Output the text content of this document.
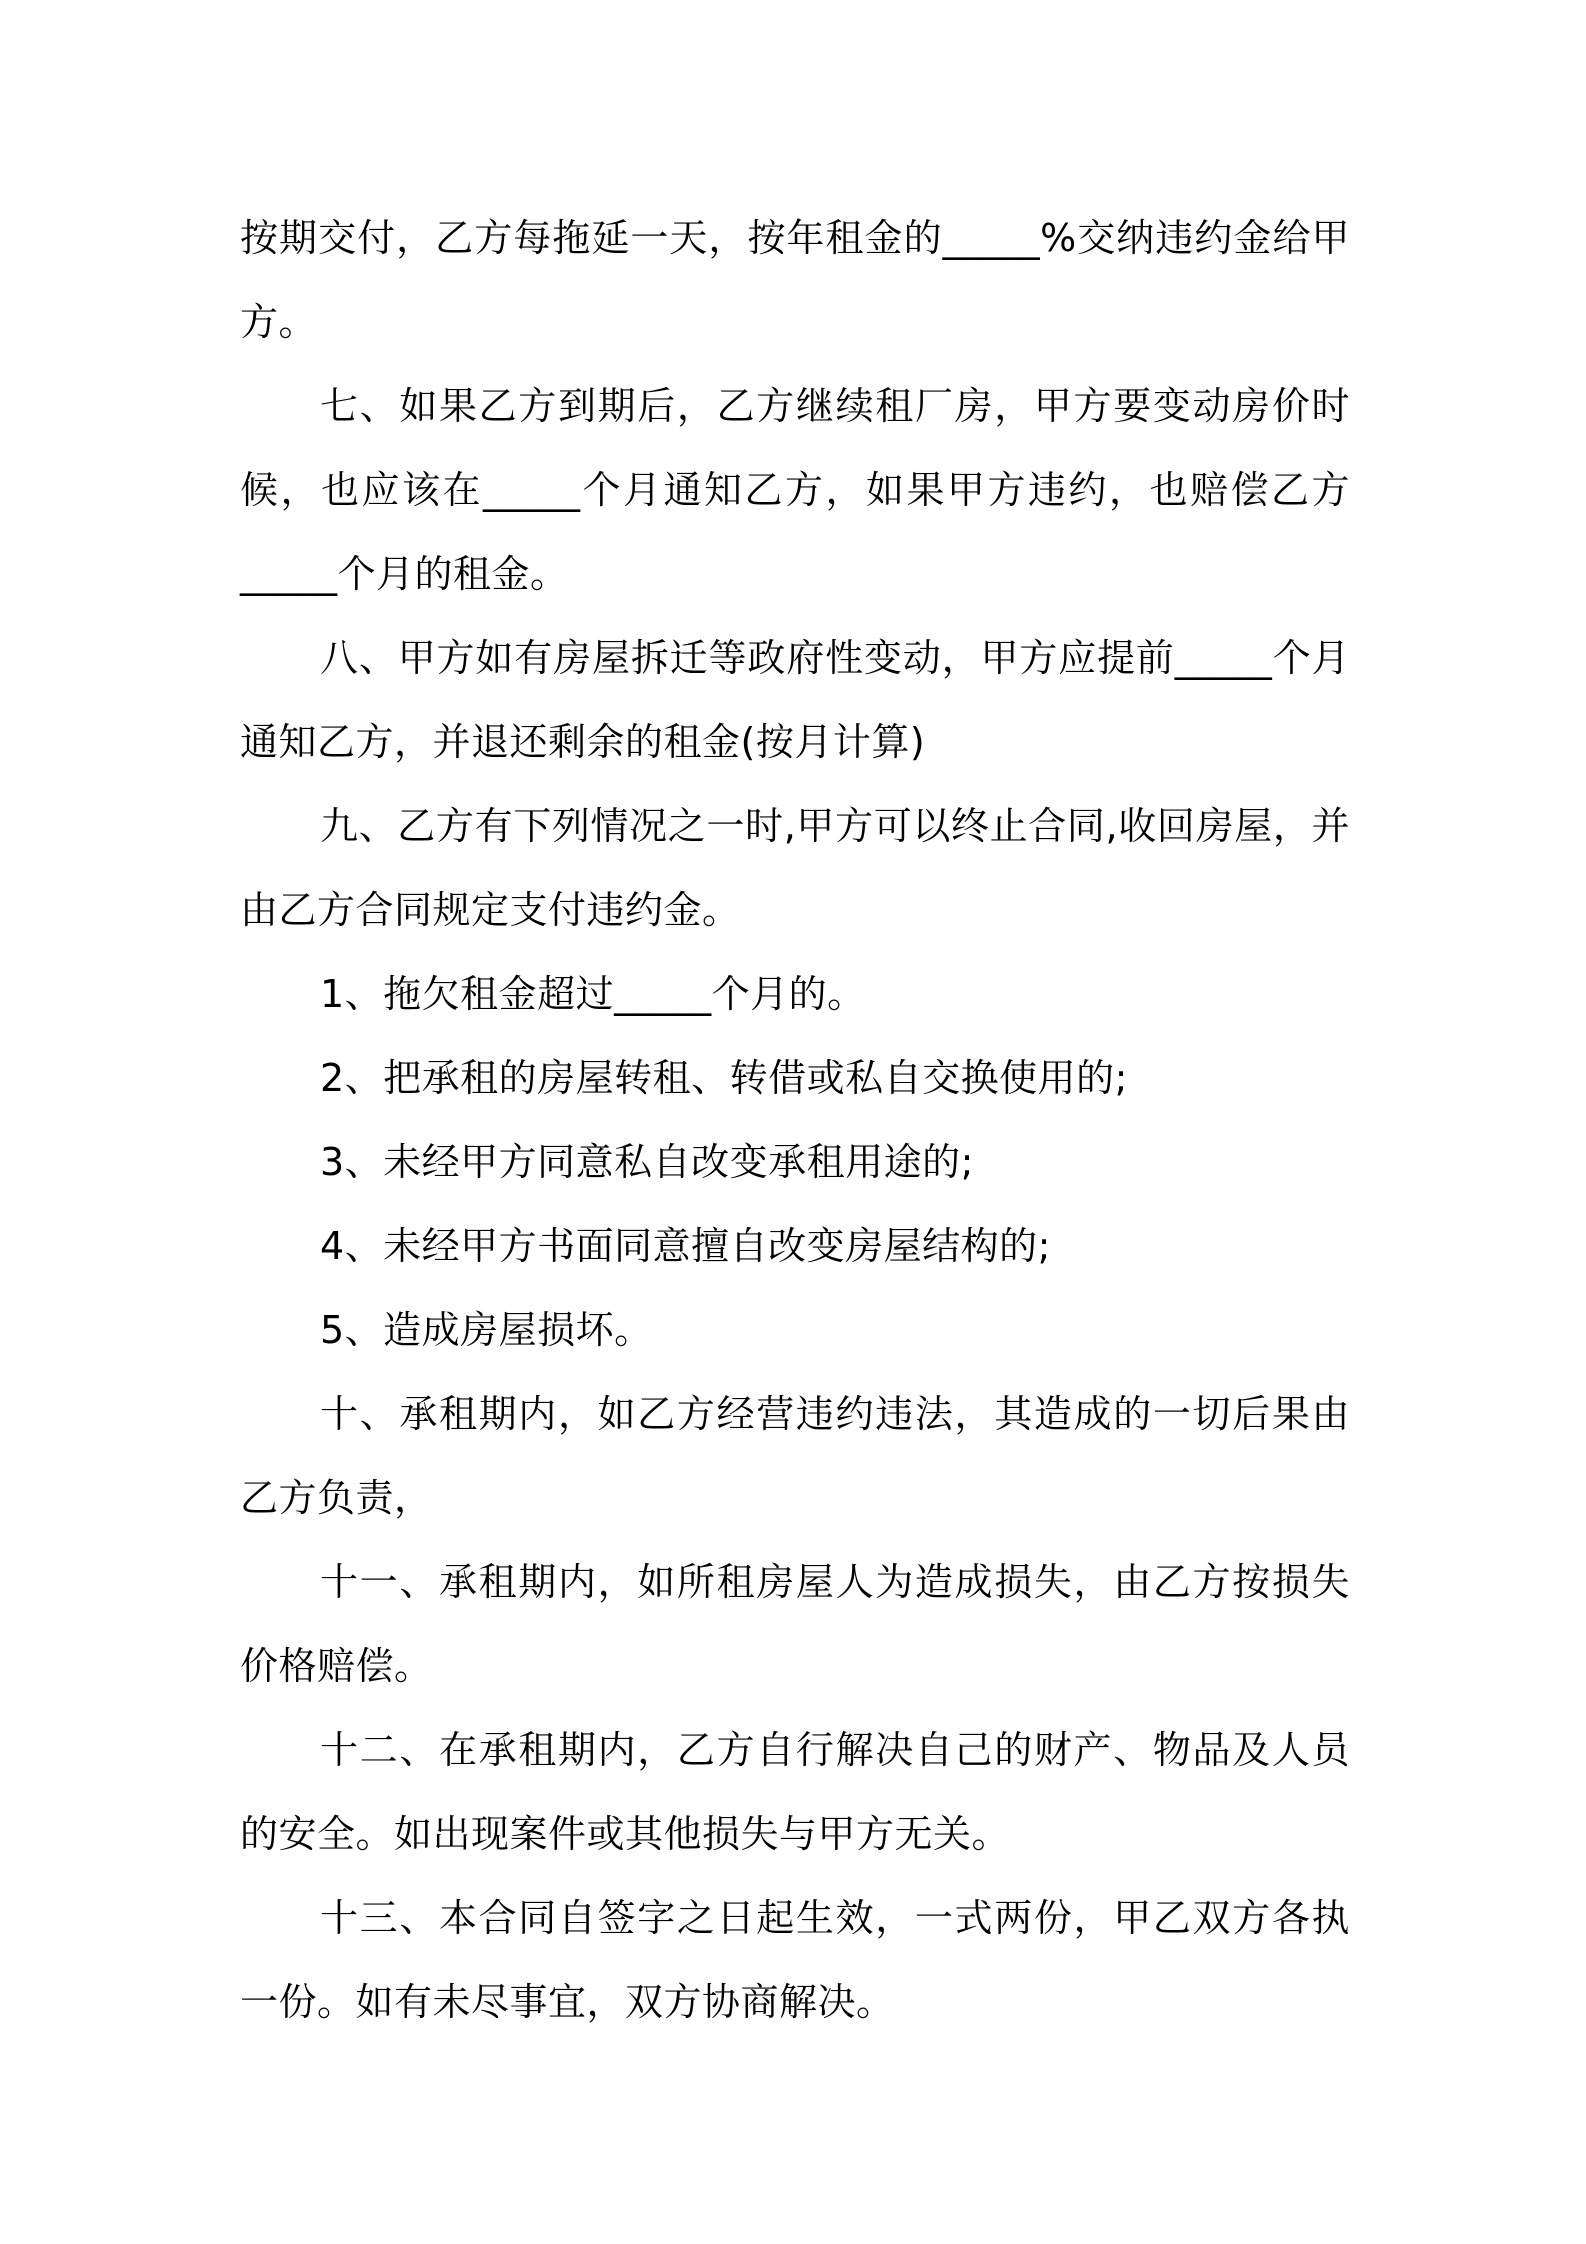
按期交付，乙方每拖延一天，按年租金的_____%交纳违约金给甲方。

七、如果乙方到期后，乙方继续租厂房，甲方要变动房价时候，也应该在_____个月通知乙方，如果甲方违约，也赔偿乙方_____个月的租金。

八、甲方如有房屋拆迁等政府性变动，甲方应提前_____个月通知乙方，并退还剩余的租金(按月计算)

九、乙方有下列情况之一时,甲方可以终止合同,收回房屋，并由乙方合同规定支付违约金。

1、拖欠租金超过_____个月的。

2、把承租的房屋转租、转借或私自交换使用的;

3、未经甲方同意私自改变承租用途的;

4、未经甲方书面同意擅自改变房屋结构的;

5、造成房屋损坏。

十、承租期内，如乙方经营违约违法，其造成的一切后果由乙方负责，

十一、承租期内，如所租房屋人为造成损失，由乙方按损失价格赔偿。

十二、在承租期内，乙方自行解决自己的财产、物品及人员的安全。如出现案件或其他损失与甲方无关。

十三、本合同自签字之日起生效，一式两份，甲乙双方各执一份。如有未尽事宜，双方协商解决。
